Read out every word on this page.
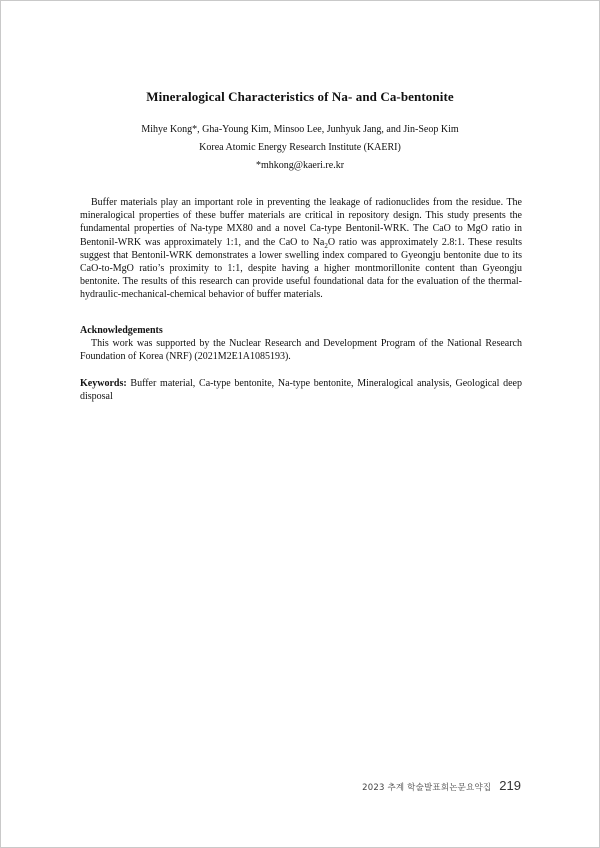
Mineralogical Characteristics of Na- and Ca-bentonite
Mihye Kong*, Gha-Young Kim, Minsoo Lee, Junhyuk Jang, and Jin-Seop Kim
Korea Atomic Energy Research Institute (KAERI)
*mhkong@kaeri.re.kr

Buffer materials play an important role in preventing the leakage of radionuclides from the residue. The mineralogical properties of these buffer materials are critical in repository design. This study presents the fundamental properties of Na-type MX80 and a novel Ca-type Bentonil-WRK. The CaO to MgO ratio in Bentonil-WRK was approximately 1:1, and the CaO to $Na_2O$ ratio was approximately 2.8:1. These results suggest that Bentonil-WRK demonstrates a lower swelling index compared to Gyeongju bentonite due to its CaO-to-MgO ratio’s proximity to 1:1, despite having a higher montmorillonite content than Gyeongju bentonite. The results of this research can provide useful foundational data for the evaluation of the thermal-hydraulic-mechanical-chemical behavior of buffer materials.

Acknowledgements

This work was supported by the Nuclear Research and Development Program of the National Research Foundation of Korea (NRF) (2021M2E1A1085193).

Keywords: Buffer material, Ca-type bentonite, Na-type bentonite, Mineralogical analysis, Geological deep disposal

2023 추계 학술발표회논문요약집 219
